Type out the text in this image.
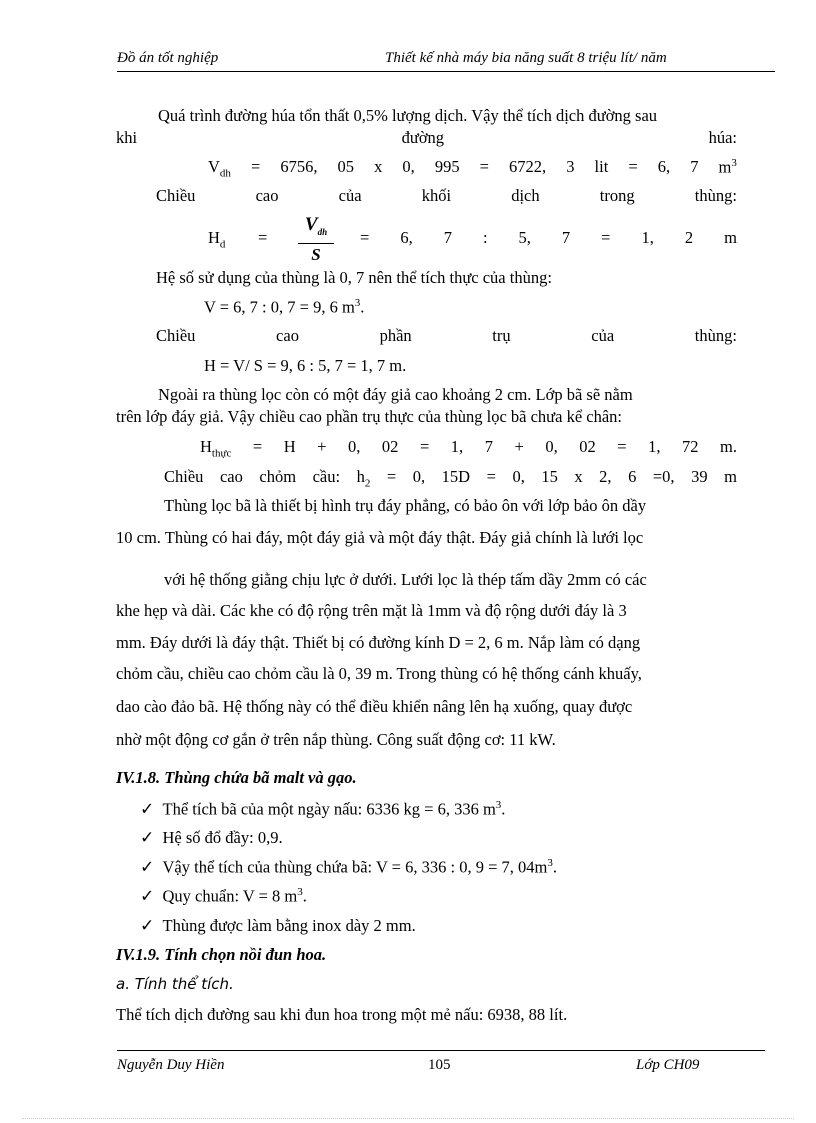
Đồ án tốt nghiệp	Thiết kế nhà máy bia năng suất 8 triệu lít/ năm
Quá trình đường húa tổn thất 0,5% lượng dịch. Vậy thể tích dịch đường sau
khi	đường	húa:
$V_{dh} = 6756$, 05 x 0, 995 = 6722, 3 lit = 6, 7 $m^3$
Chiều	cao	của	khối	dịch	trong	thùng:
$H_d$ =
$V_{dh}$
S
= 6, 7 : 5, 7 = 1, 2 m
Hệ số sử dụng của thùng là 0, 7 nên thể tích thực của thùng:
V = 6, 7 : 0, 7 = 9, 6 $m^3$.
Chiều	cao	phần	trụ	của	thùng:
H = V/ S = 9, 6 : 5, 7 = 1, 7 m.
Ngoài ra thùng lọc còn có một đáy giả cao khoảng 2 cm. Lớp bã sẽ nằm
trên lớp đáy giả. Vậy chiều cao phần trụ thực của thùng lọc bã chưa kể chân:
$H_{thực} = H + 0$, 02 = 1, 7 + 0, 02 = 1, 72 m.
Chiều cao chỏm cầu: $h_2 = 0$, 15D = 0, 15 x 2, 6 =0, 39 m
Thùng lọc bã là thiết bị hình trụ đáy phẳng, có bảo ôn với lớp bảo ôn dầy
10 cm. Thùng có hai đáy, một đáy giả và một đáy thật. Đáy giả chính là lưới lọc
với hệ thống giằng chịu lực ở dưới. Lưới lọc là thép tấm dầy 2mm có các
khe hẹp và dài. Các khe có độ rộng trên mặt là 1mm và độ rộng dưới đáy là 3
mm. Đáy dưới là đáy thật. Thiết bị có đường kính D = 2, 6 m. Nắp làm có dạng
chỏm cầu, chiều cao chỏm cầu là 0, 39 m. Trong thùng có hệ thống cánh khuấy,
dao cào đảo bã. Hệ thống này có thể điều khiển nâng lên hạ xuống, quay được
nhờ một động cơ gắn ở trên nắp thùng. Công suất động cơ: 11 kW.
IV.1.8. Thùng chứa bã malt và gạo.
✓ Thể tích bã của một ngày nấu: 6336 kg = 6, 336 $m^3$.
✓ Hệ số đổ đầy: 0,9.
✓ Vậy thể tích của thùng chứa bã: V = 6, 336 : 0, 9 = 7, $04m^3$.
✓ Quy chuẩn: V = 8 $m^3$.
✓ Thùng được làm bằng inox dày 2 mm.
IV.1.9. Tính chọn nồi đun hoa.
a. Tính thể tích.
Thể tích dịch đường sau khi đun hoa trong một mẻ nấu: 6938, 88 lít.
Nguyễn Duy Hiền	105	Lớp CH09
